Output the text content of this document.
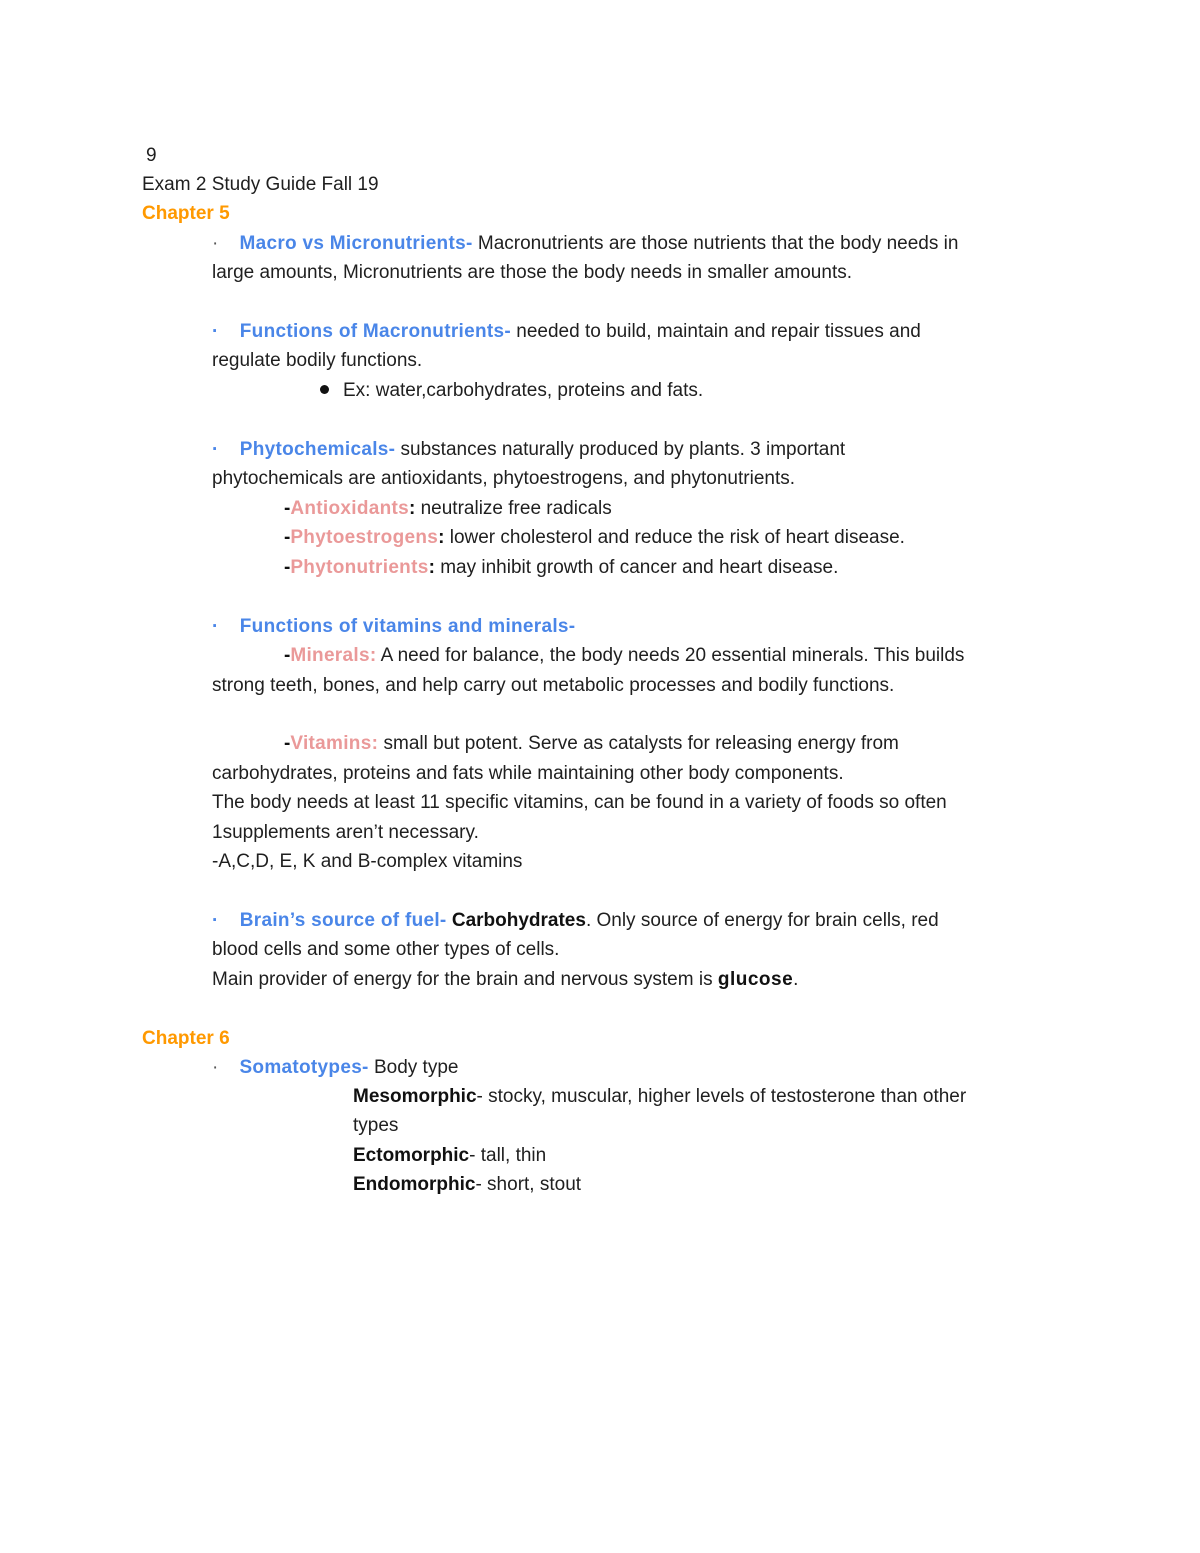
9
Exam 2 Study Guide Fall 19
Chapter 5
· Macro vs Micronutrients- Macronutrients are those nutrients that the body needs in
large amounts, Micronutrients are those the body needs in smaller amounts.
· Functions of Macronutrients- needed to build, maintain and repair tissues and
regulate bodily functions.
Ex: water,carbohydrates, proteins and fats.
· Phytochemicals- substances naturally produced by plants. 3 important
phytochemicals are antioxidants, phytoestrogens, and phytonutrients.
-Antioxidants: neutralize free radicals
-Phytoestrogens: lower cholesterol and reduce the risk of heart disease.
-Phytonutrients: may inhibit growth of cancer and heart disease.
· Functions of vitamins and minerals-
-Minerals: A need for balance, the body needs 20 essential minerals. This builds
strong teeth, bones, and help carry out metabolic processes and bodily functions.
-Vitamins: small but potent. Serve as catalysts for releasing energy from
carbohydrates, proteins and fats while maintaining other body components.
The body needs at least 11 specific vitamins, can be found in a variety of foods so often
1supplements aren’t necessary.
-A,C,D, E, K and B-complex vitamins
· Brain’s source of fuel- Carbohydrates. Only source of energy for brain cells, red
blood cells and some other types of cells.
Main provider of energy for the brain and nervous system is glucose.
Chapter 6
· Somatotypes- Body type
Mesomorphic- stocky, muscular, higher levels of testosterone than other
types
Ectomorphic- tall, thin
Endomorphic- short, stout
